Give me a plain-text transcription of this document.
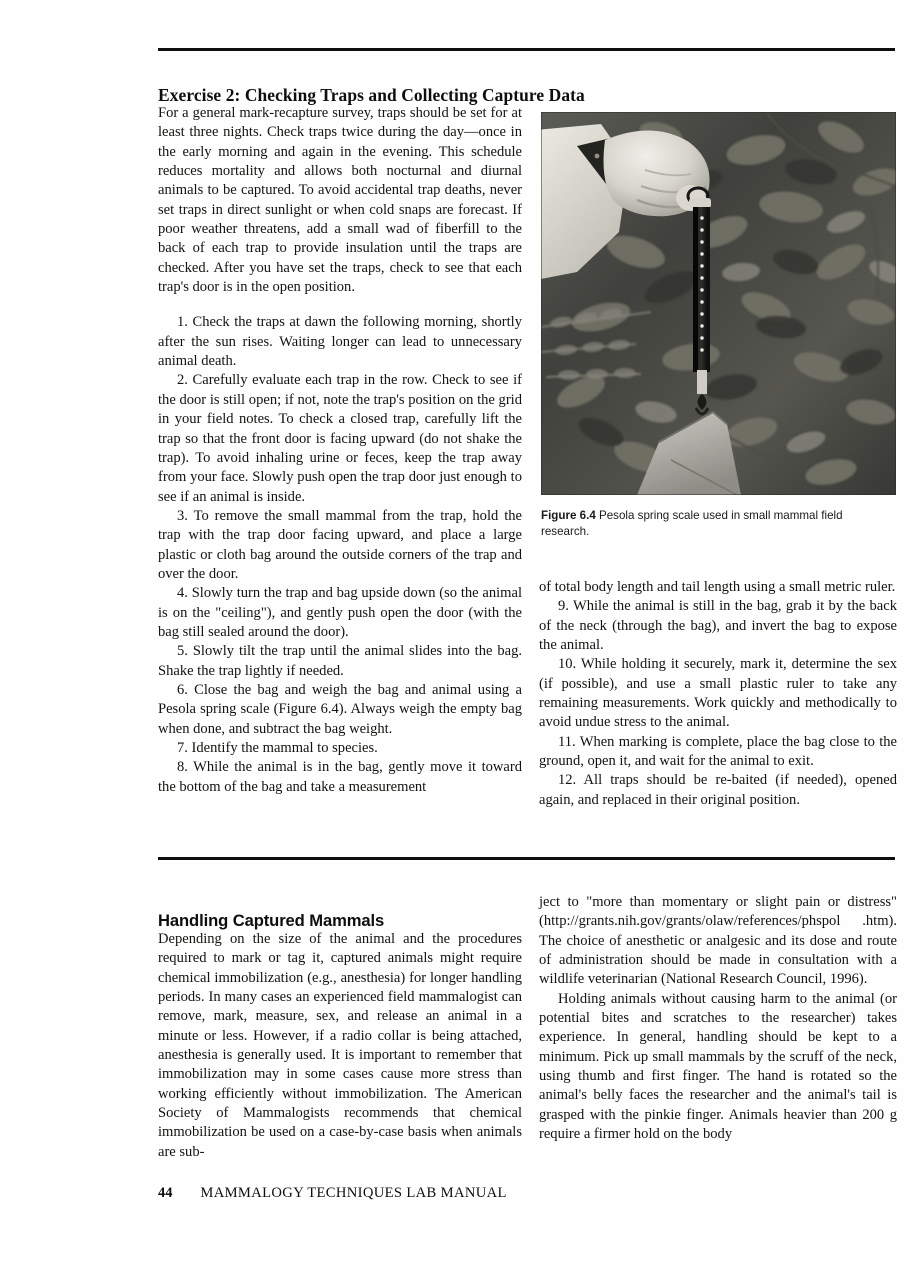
Exercise 2: Checking Traps and Collecting Capture Data

For a general mark-recapture survey, traps should be set for at least three nights. Check traps twice during the day—once in the early morning and again in the evening. This schedule reduces mortality and allows both nocturnal and diurnal animals to be captured. To avoid accidental trap deaths, never set traps in direct sunlight or when cold snaps are forecast. If poor weather threatens, add a small wad of fiberfill to the back of each trap to provide insulation until the traps are checked. After you have set the traps, check to see that each trap's door is in the open position.

1. Check the traps at dawn the following morning, shortly after the sun rises. Waiting longer can lead to unnecessary animal death.

2. Carefully evaluate each trap in the row. Check to see if the door is still open; if not, note the trap's position on the grid in your field notes. To check a closed trap, carefully lift the trap so that the front door is facing upward (do not shake the trap). To avoid inhaling urine or feces, keep the trap away from your face. Slowly push open the trap door just enough to see if an animal is inside.

3. To remove the small mammal from the trap, hold the trap with the trap door facing upward, and place a large plastic or cloth bag around the outside corners of the trap and over the door.

4. Slowly turn the trap and bag upside down (so the animal is on the "ceiling"), and gently push open the door (with the bag still sealed around the door).

5. Slowly tilt the trap until the animal slides into the bag. Shake the trap lightly if needed.

6. Close the bag and weigh the bag and animal using a Pesola spring scale (Figure 6.4). Always weigh the empty bag when done, and subtract the bag weight.

7. Identify the mammal to species.

8. While the animal is in the bag, gently move it toward the bottom of the bag and take a measurement

Figure 6.4 Pesola spring scale used in small mammal field research.

of total body length and tail length using a small metric ruler.

9. While the animal is still in the bag, grab it by the back of the neck (through the bag), and invert the bag to expose the animal.

10. While holding it securely, mark it, determine the sex (if possible), and use a small plastic ruler to take any remaining measurements. Work quickly and methodically to avoid undue stress to the animal.

11. When marking is complete, place the bag close to the ground, open it, and wait for the animal to exit.

12. All traps should be re-baited (if needed), opened again, and replaced in their original position.

Handling Captured Mammals

Depending on the size of the animal and the procedures required to mark or tag it, captured animals might require chemical immobilization (e.g., anesthesia) for longer handling periods. In many cases an experienced field mammalogist can remove, mark, measure, sex, and release an animal in a minute or less. However, if a radio collar is being attached, anesthesia is generally used. It is important to remember that immobilization may in some cases cause more stress than working efficiently without immobilization. The American Society of Mammalogists recommends that chemical immobilization be used on a case-by-case basis when animals are sub-

ject to "more than momentary or slight pain or distress" (http://grants.nih.gov/grants/olaw/references/phspol .htm). The choice of anesthetic or analgesic and its dose and route of administration should be made in consultation with a wildlife veterinarian (National Research Council, 1996).

Holding animals without causing harm to the animal (or potential bites and scratches to the researcher) takes experience. In general, handling should be kept to a minimum. Pick up small mammals by the scruff of the neck, using thumb and first finger. The hand is rotated so the animal's belly faces the researcher and the animal's tail is grasped with the pinkie finger. Animals heavier than 200 g require a firmer hold on the body

44 MAMMALOGY TECHNIQUES LAB MANUAL
